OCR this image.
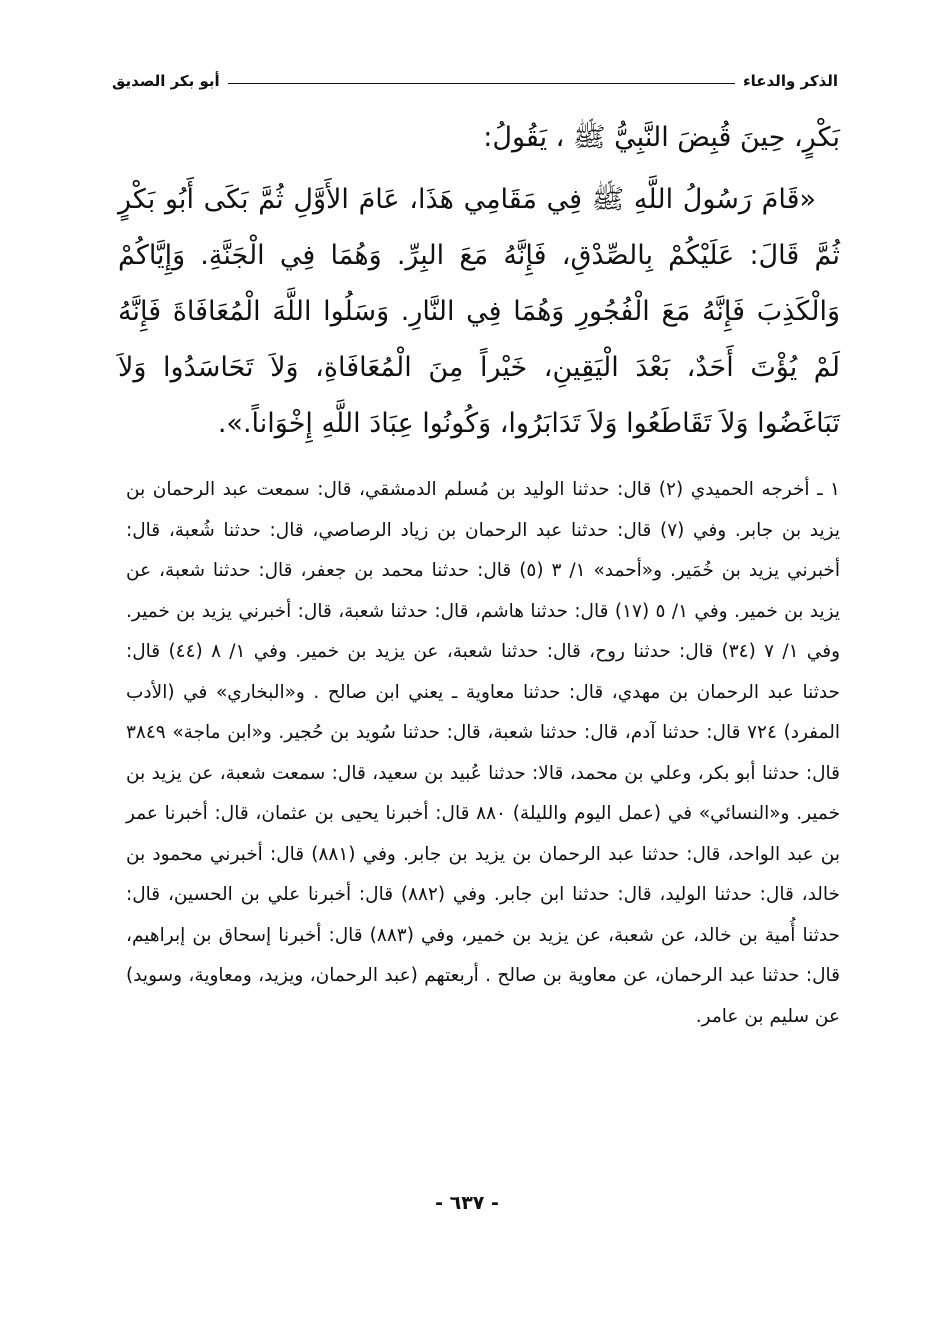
الذكر والدعاء
أبو بكر الصديق

بَكْرٍ، حِينَ قُبِضَ النَّبِيُّ ﷺ ، يَقُولُ:

«قَامَ رَسُولُ اللَّهِ ﷺ فِي مَقَامِي هَذَا، عَامَ الأَوَّلِ ثُمَّ بَكَى أَبُو بَكْرٍ ثُمَّ قَالَ: عَلَيْكُمْ بِالصِّدْقِ، فَإِنَّهُ مَعَ البِرِّ. وَهُمَا فِي الْجَنَّةِ. وَإِيَّاكُمْ وَالْكَذِبَ فَإِنَّهُ مَعَ الْفُجُورِ وَهُمَا فِي النَّارِ. وَسَلُوا اللَّهَ الْمُعَافَاةَ فَإِنَّهُ لَمْ يُؤْتَ أَحَدٌ، بَعْدَ الْيَقِينِ، خَيْراً مِنَ الْمُعَافَاةِ، وَلاَ تَحَاسَدُوا وَلاَ تَبَاغَضُوا وَلاَ تَقَاطَعُوا وَلاَ تَدَابَرُوا، وَكُونُوا عِبَادَ اللَّهِ إِخْوَاناً.».

١ ـ أخرجه الحميدي (٢) قال: حدثنا الوليد بن مُسلم الدمشقي، قال: سمعت عبد الرحمان بن يزيد بن جابر. وفي (٧) قال: حدثنا عبد الرحمان بن زياد الرصاصي، قال: حدثنا شُعبة، قال: أخبرني يزيد بن خُمَير. و«أحمد» ١/ ٣ (٥) قال: حدثنا محمد بن جعفر، قال: حدثنا شعبة، عن يزيد بن خمير. وفي ١/ ٥ (١٧) قال: حدثنا هاشم، قال: حدثنا شعبة، قال: أخبرني يزيد بن خمير. وفي ١/ ٧ (٣٤) قال: حدثنا روح، قال: حدثنا شعبة، عن يزيد بن خمير. وفي ١/ ٨ (٤٤) قال: حدثنا عبد الرحمان بن مهدي، قال: حدثنا معاوية ـ يعني ابن صالح . و«البخاري» في (الأدب المفرد) ٧٢٤ قال: حدثنا آدم، قال: حدثنا شعبة، قال: حدثنا سُويد بن حُجير. و«ابن ماجة» ٣٨٤٩ قال: حدثنا أبو بكر، وعلي بن محمد، قالا: حدثنا عُبيد بن سعيد، قال: سمعت شعبة، عن يزيد بن خمير. و«النسائي» في (عمل اليوم والليلة) ٨٨٠ قال: أخبرنا يحيى بن عثمان، قال: أخبرنا عمر بن عبد الواحد، قال: حدثنا عبد الرحمان بن يزيد بن جابر. وفي (٨٨١) قال: أخبرني محمود بن خالد، قال: حدثنا الوليد، قال: حدثنا ابن جابر. وفي (٨٨٢) قال: أخبرنا علي بن الحسين، قال: حدثنا أُمية بن خالد، عن شعبة، عن يزيد بن خمير، وفي (٨٨٣) قال: أخبرنا إسحاق بن إبراهيم، قال: حدثنا عبد الرحمان، عن معاوية بن صالح . أربعتهم (عبد الرحمان، ويزيد، ومعاوية، وسويد) عن سليم بن عامر.

- ٦٣٧ -
